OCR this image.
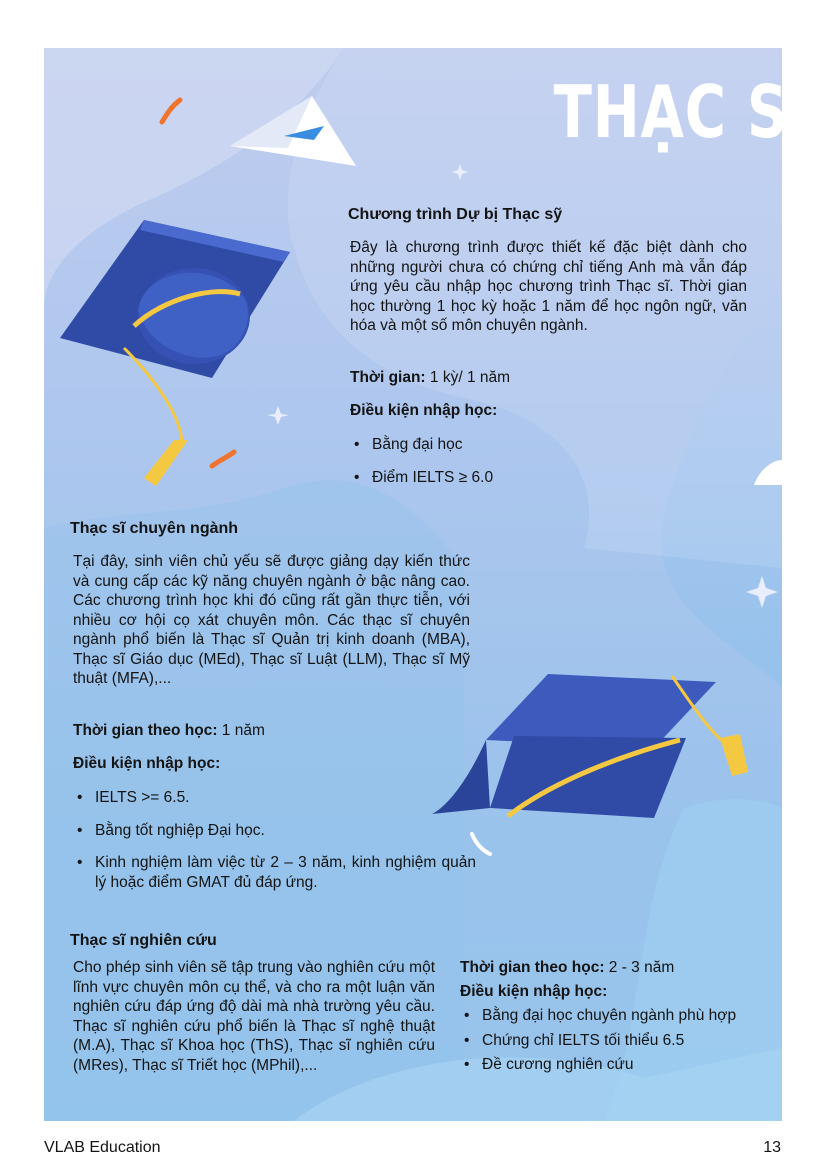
THẠC SĨ
Chương trình Dự bị Thạc sỹ
Đây là chương trình được thiết kế đặc biệt dành cho những người chưa có chứng chỉ tiếng Anh mà vẫn đáp ứng yêu cầu nhập học chương trình Thạc sĩ. Thời gian học thường 1 học kỳ hoặc 1 năm để học ngôn ngữ, văn hóa và một số môn chuyên ngành.
Thời gian: 1 kỳ/ 1 năm
Điều kiện nhập học:
• Bằng đại học
• Điểm IELTS ≥ 6.0
Thạc sĩ chuyên ngành
Tại đây, sinh viên chủ yếu sẽ được giảng dạy kiến thức và cung cấp các kỹ năng chuyên ngành ở bậc nâng cao. Các chương trình học khi đó cũng rất gần thực tiễn, với nhiều cơ hội cọ xát chuyên môn. Các thạc sĩ chuyên ngành phổ biến là Thạc sĩ Quản trị kinh doanh (MBA), Thạc sĩ Giáo dục (MEd), Thạc sĩ Luật (LLM), Thạc sĩ Mỹ thuật (MFA),...
Thời gian theo học: 1 năm
Điều kiện nhập học:
• IELTS >= 6.5.
• Bằng tốt nghiệp Đại học.
• Kinh nghiệm làm việc từ 2 – 3 năm, kinh nghiệm quản lý hoặc điểm GMAT đủ đáp ứng.
Thạc sĩ nghiên cứu
Cho phép sinh viên sẽ tập trung vào nghiên cứu một lĩnh vực chuyên môn cụ thể, và cho ra một luận văn nghiên cứu đáp ứng độ dài mà nhà trường yêu cầu. Thạc sĩ nghiên cứu phổ biến là Thạc sĩ nghệ thuật (M.A), Thạc sĩ Khoa học (ThS), Thạc sĩ nghiên cứu (MRes), Thạc sĩ Triết học (MPhil),...
Thời gian theo học: 2 - 3 năm
Điều kiện nhập học:
• Bằng đại học chuyên ngành phù hợp
• Chứng chỉ IELTS tối thiểu 6.5
• Đề cương nghiên cứu
VLAB Education	13
